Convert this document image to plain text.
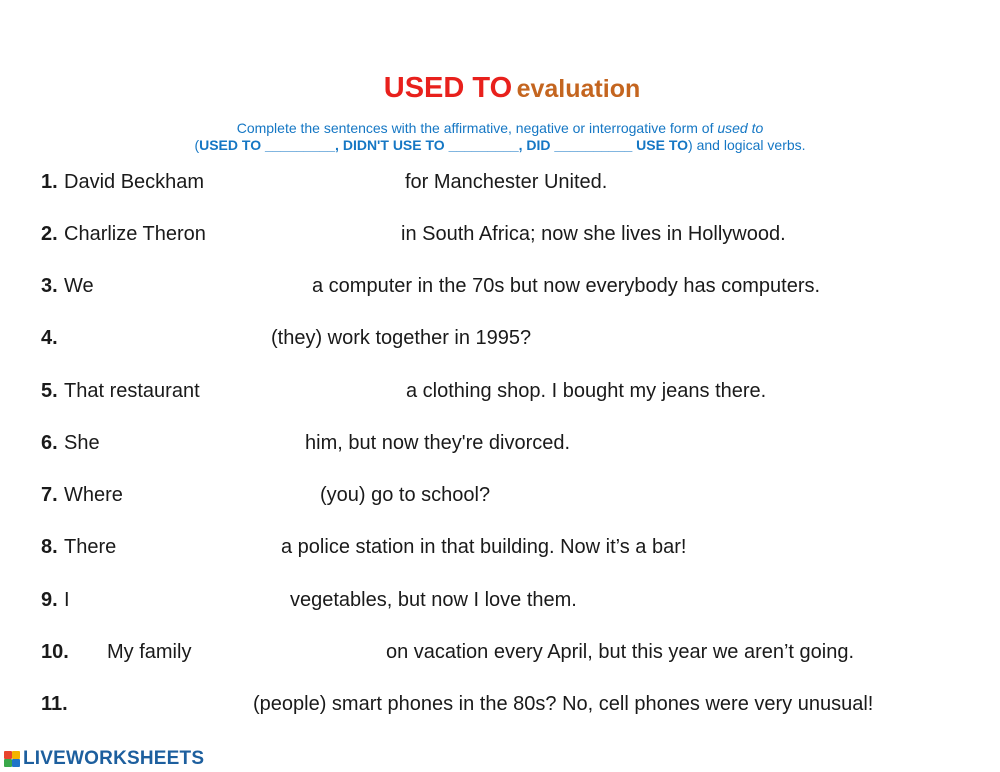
USED TO evaluation
Complete the sentences with the affirmative, negative or interrogative form of used to
(USED TO _________, DIDN'T USE TO _________, DID __________ USE TO) and logical verbs.
1. David Beckham	for Manchester United.
2. Charlize Theron	in South Africa; now she lives in Hollywood.
3. We	a computer in the 70s but now everybody has computers.
4.	(they) work together in 1995?
5. That restaurant	a clothing shop. I bought my jeans there.
6. She	him, but now they're divorced.
7. Where	(you) go to school?
8. There	a police station in that building. Now it’s a bar!
9. I	vegetables, but now I love them.
10. My family	on vacation every April, but this year we aren’t going.
11.	(people) smart phones in the 80s? No, cell phones were very unusual!
LIVEWORKSHEETS
